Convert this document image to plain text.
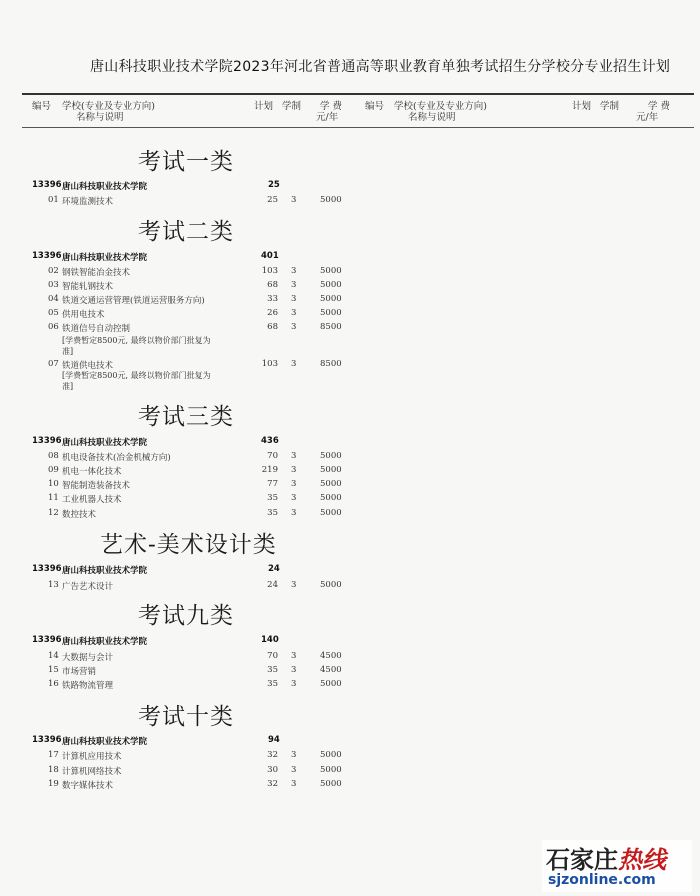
唐山科技职业技术学院2023年河北省普通高等职业教育单独考试招生分学校分专业招生计划
编号 学校(专业及专业方向)
名称与说明
计划 学制 学 费
元/年
编号 学校(专业及专业方向)
名称与说明
计划 学制	学 费
元/年
考试一类
13396 唐山科技职业技术学院	25
01 环境监测技术	25 3	5000
考试二类
13396 唐山科技职业技术学院	401
02 钢铁智能冶金技术	103 3	5000
03 智能轧钢技术	68 3	5000
04 铁道交通运营管理(铁道运营服务方向)	33 3	5000
05 供用电技术	26 3	5000
06 铁道信号自动控制	68 3	8500
[学费暂定8500元, 最终以物价部门批复为
准]
07 铁道供电技术	103 3	8500
[学费暂定8500元, 最终以物价部门批复为
准]
考试三类
13396 唐山科技职业技术学院	436
08 机电设备技术(冶金机械方向)	70 3	5000
09 机电一体化技术	219 3	5000
10 智能制造装备技术	77 3	5000
11 工业机器人技术	35 3	5000
12 数控技术	35 3	5000
艺术-美术设计类
13396 唐山科技职业技术学院	24
13 广告艺术设计	24 3	5000
考试九类
13396 唐山科技职业技术学院	140
14 大数据与会计	70 3	4500
15 市场营销	35 3	4500
16 铁路物流管理	35 3	5000
考试十类
13396 唐山科技职业技术学院	94
17 计算机应用技术	32 3	5000
18 计算机网络技术	30 3	5000
19 数字媒体技术	32 3	5000
石家庄热线
sjzonline.com
